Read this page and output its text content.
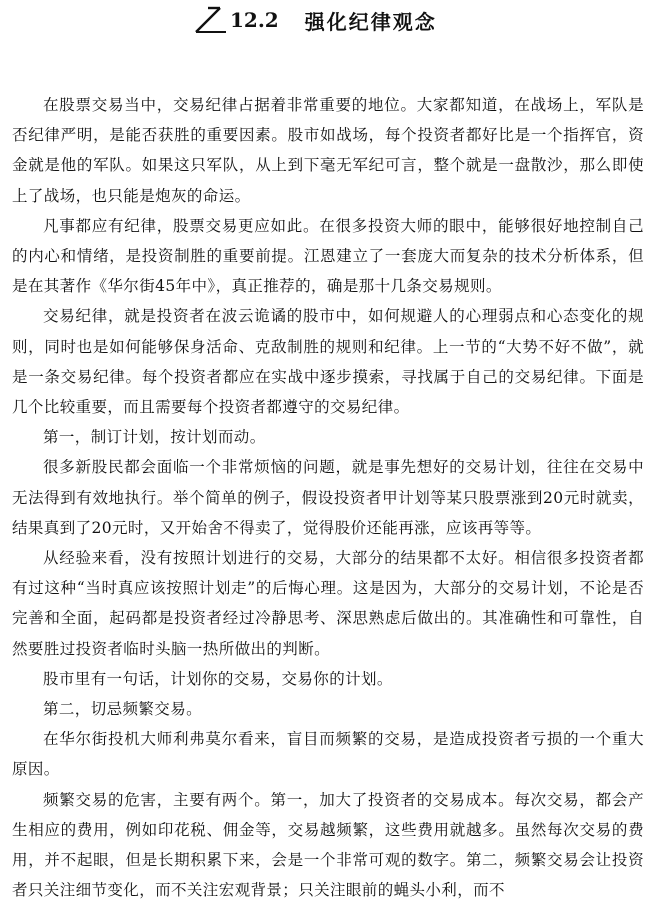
12.2 强化纪律观念

在股票交易当中，交易纪律占据着非常重要的地位。大家都知道，在战场上，军队是否纪律严明，是能否获胜的重要因素。股市如战场，每个投资者都好比是一个指挥官，资金就是他的军队。如果这只军队，从上到下毫无军纪可言，整个就是一盘散沙，那么即使上了战场，也只能是炮灰的命运。

凡事都应有纪律，股票交易更应如此。在很多投资大师的眼中，能够很好地控制自己的内心和情绪，是投资制胜的重要前提。江恩建立了一套庞大而复杂的技术分析体系，但是在其著作《华尔街45年中》，真正推荐的，确是那十几条交易规则。

交易纪律，就是投资者在波云诡谲的股市中，如何规避人的心理弱点和心态变化的规则，同时也是如何能够保身活命、克敌制胜的规则和纪律。上一节的“大势不好不做”，就是一条交易纪律。每个投资者都应在实战中逐步摸索，寻找属于自己的交易纪律。下面是几个比较重要，而且需要每个投资者都遵守的交易纪律。

第一，制订计划，按计划而动。

很多新股民都会面临一个非常烦恼的问题，就是事先想好的交易计划，往往在交易中无法得到有效地执行。举个简单的例子，假设投资者甲计划等某只股票涨到20元时就卖，结果真到了20元时，又开始舍不得卖了，觉得股价还能再涨，应该再等等。

从经验来看，没有按照计划进行的交易，大部分的结果都不太好。相信很多投资者都有过这种“当时真应该按照计划走”的后悔心理。这是因为，大部分的交易计划，不论是否完善和全面，起码都是投资者经过冷静思考、深思熟虑后做出的。其准确性和可靠性，自然要胜过投资者临时头脑一热所做出的判断。

股市里有一句话，计划你的交易，交易你的计划。

第二，切忌频繁交易。

在华尔街投机大师利弗莫尔看来，盲目而频繁的交易，是造成投资者亏损的一个重大原因。

频繁交易的危害，主要有两个。第一，加大了投资者的交易成本。每次交易，都会产生相应的费用，例如印花税、佣金等，交易越频繁，这些费用就越多。虽然每次交易的费用，并不起眼，但是长期积累下来，会是一个非常可观的数字。第二，频繁交易会让投资者只关注细节变化，而不关注宏观背景；只关注眼前的蝇头小利，而不
